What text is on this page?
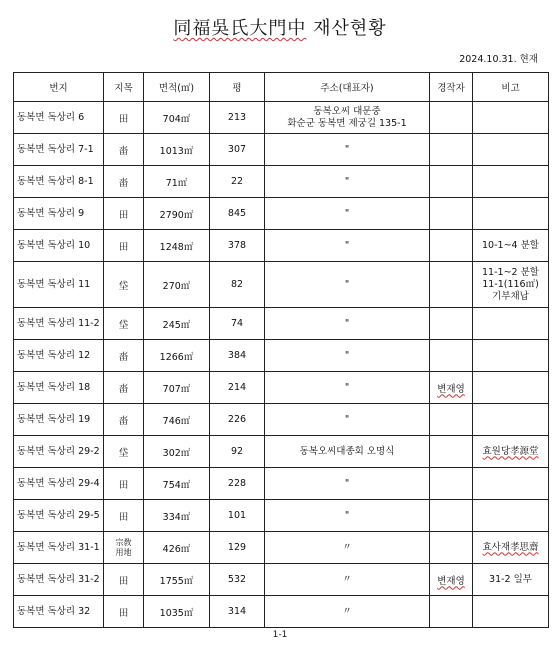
同福吳氏大門中 재산현황
2024.10.31. 현재
번지	지목	면적(㎡)	평	주소(대표자)	경작자	비고
동복면 독상리 6	田	704㎡	213	동복오씨 대문중
화순군 동복면 제궁길 135-1		

동복면 독상리 7-1	畓	1013㎡	307	"		

동복면 독상리 8-1	畓	71㎡	22	"		

동복면 독상리 9	田	2790㎡	845	"		

동복면 독상리 10	田	1248㎡	378	"		10-1~4 분할
동복면 독상리 11	垈	270㎡	82	"		11-1~2 분할
11-1(116㎡)
기부채납
동복면 독상리 11-2	垈	245㎡	74	"		

동복면 독상리 12	畓	1266㎡	384	"		

동복면 독상리 18	畓	707㎡	214	"	변재영	
동복면 독상리 19	畓	746㎡	226	"		

동복면 독상리 29-2	垈	302㎡	92	동복오씨대종회 오명식		효원당孝源堂
동복면 독상리 29-4	田	754㎡	228	"		

동복면 독상리 29-5	田	334㎡	101	"		

동복면 독상리 31-1	宗敎
用地	426㎡	129	〃		효사재孝思齋
동복면 독상리 31-2	田	1755㎡	532	〃	변재영	31-2 일부
동복면 독상리 32	田	1035㎡	314	〃		

1-1
